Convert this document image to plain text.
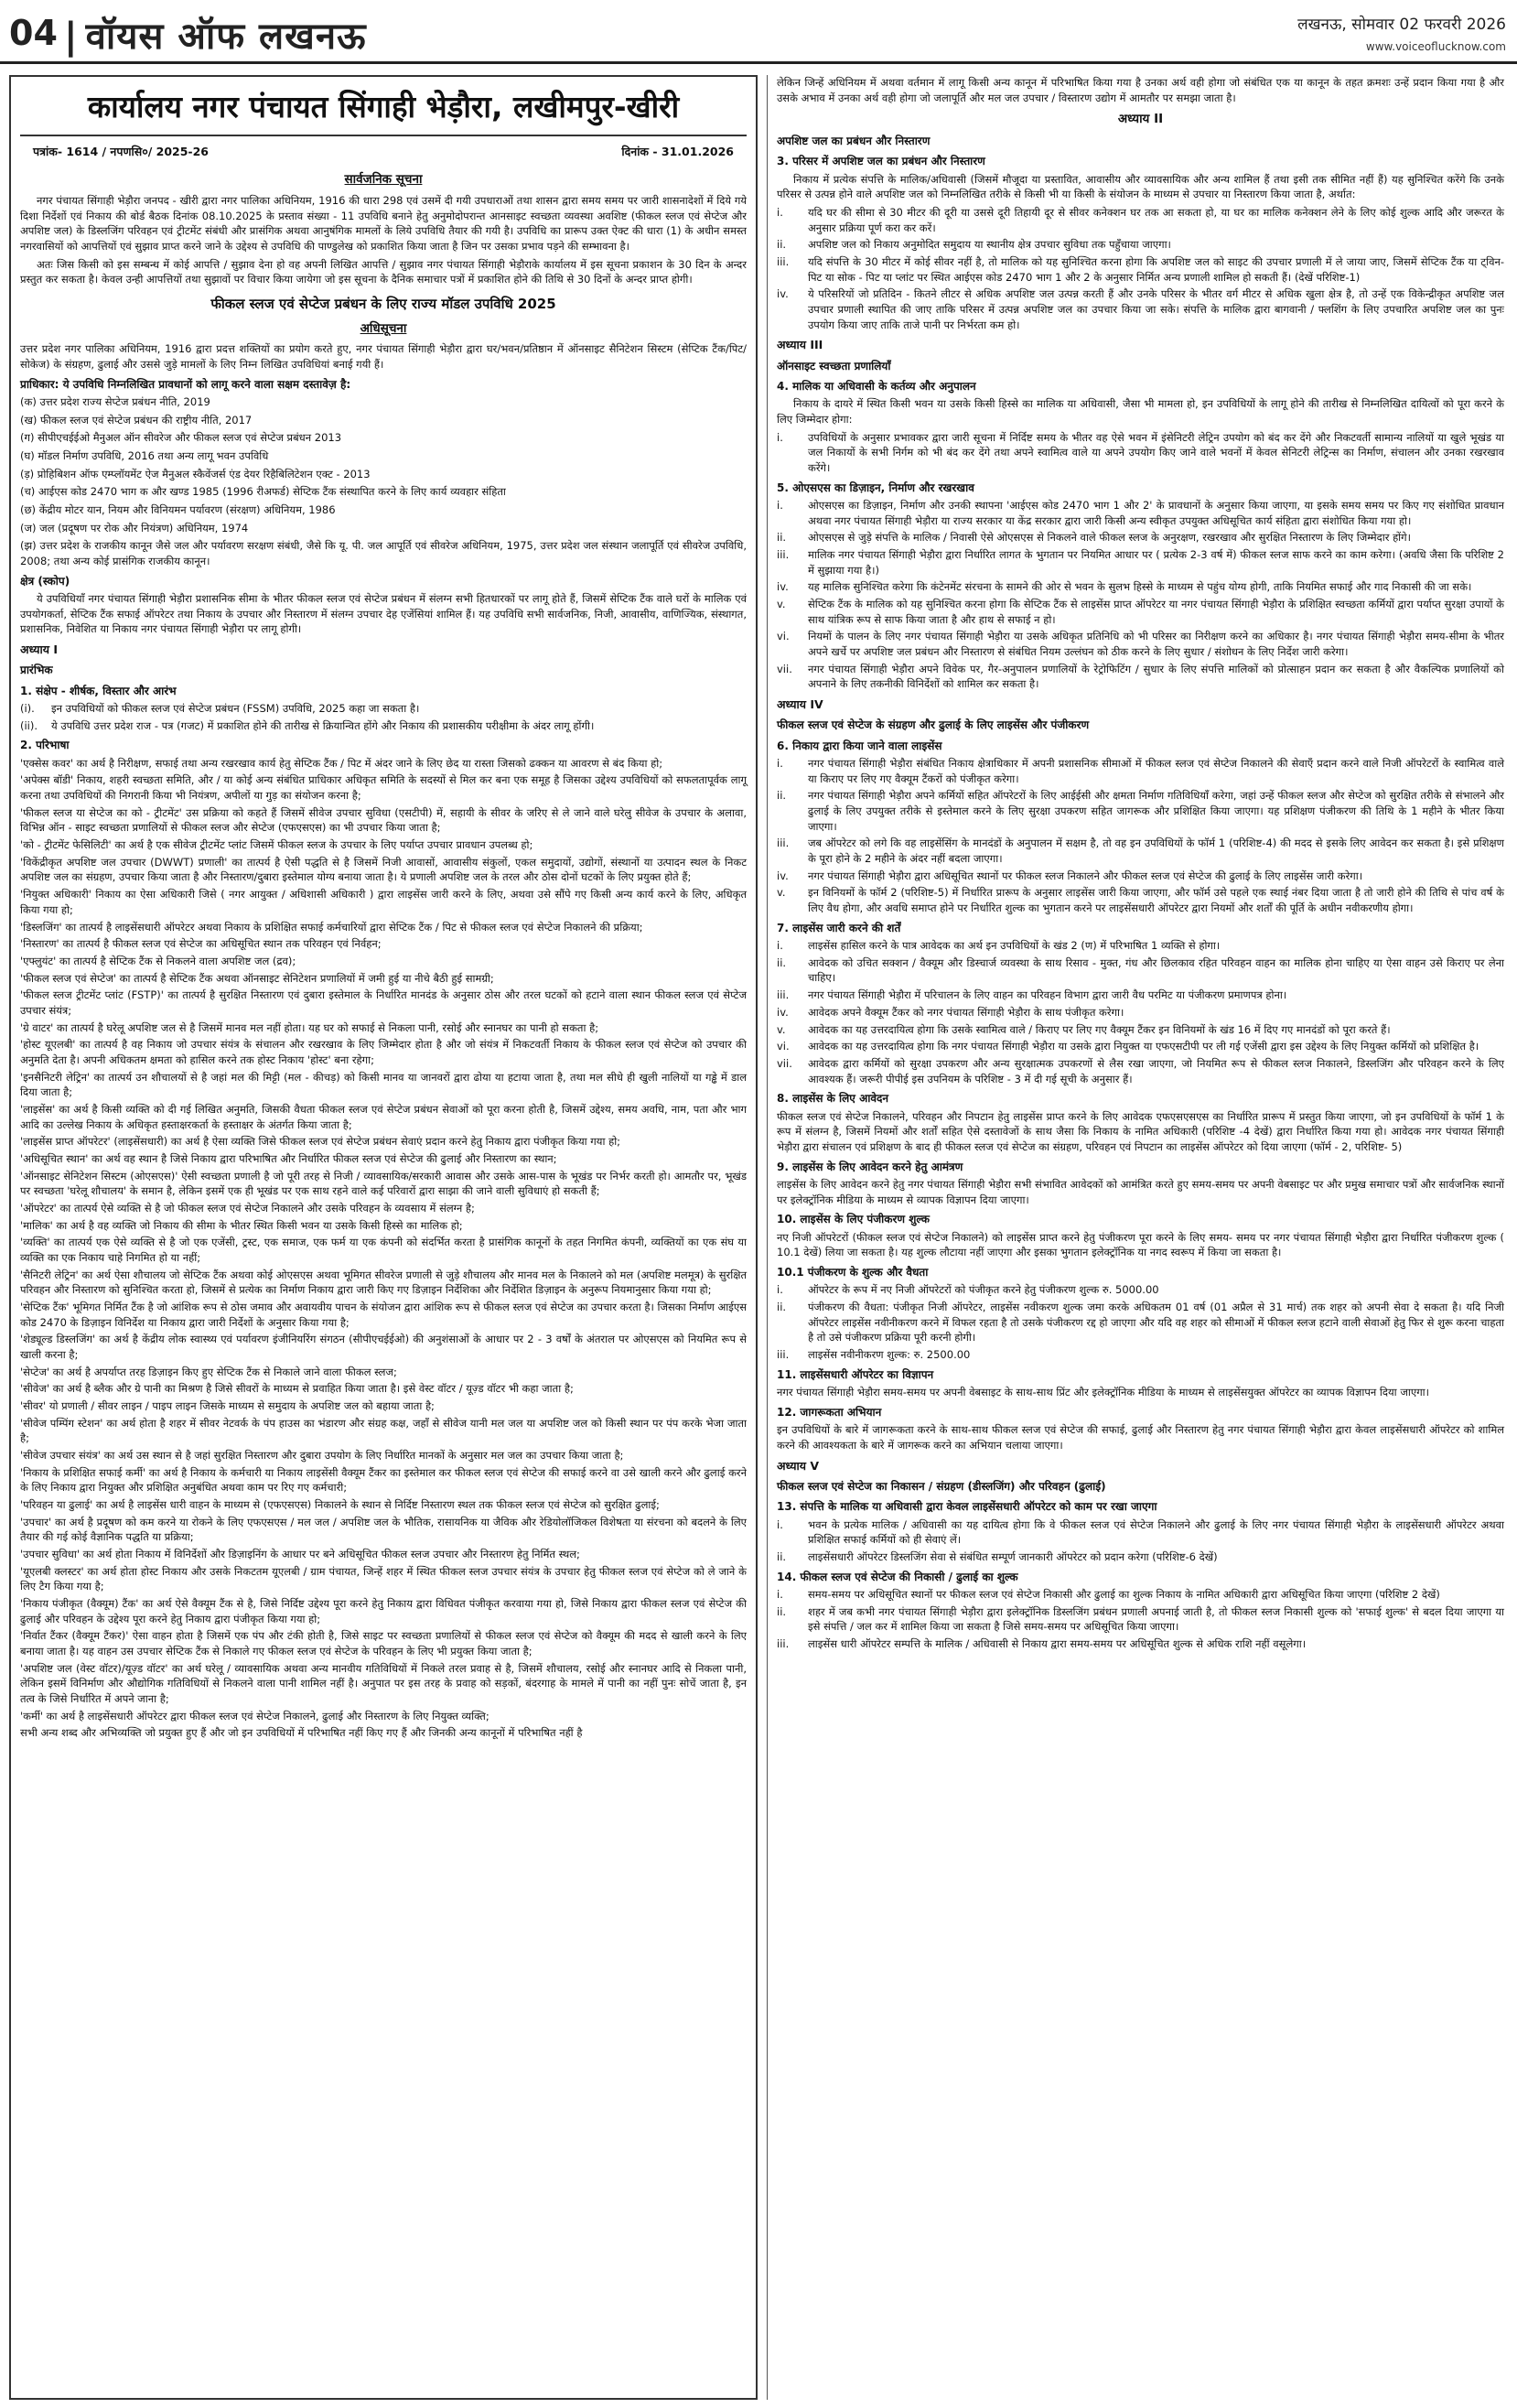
04 | वॉयस ऑफ लखनऊ	लखनऊ, सोमवार 02 फरवरी 2026
www.voiceoflucknow.com
कार्यालय नगर पंचायत सिंगाही भेड़ौरा, लखीमपुर-खीरी
पत्रांक- 1614 / नपणसि०/ 2025-26	दिनांक - 31.01.2026
सार्वजनिक सूचना

नगर पंचायत सिंगाही भेड़ौरा जनपद - खीरी द्वारा नगर पालिका अधिनियम, 1916 की धारा 298 एवं उसमें दी गयी उपधाराओं तथा शासन द्वारा समय समय पर जारी शासनादेशों में दिये गये दिशा निर्देशों एवं निकाय की बोर्ड बैठक दिनांक 08.10.2025 के प्रस्ताव संख्या - 11 उपविधि बनाने हेतु अनुमोदोपरान्त आनसाइट स्वच्छता व्यवस्था अवशिष्ट (फीकल स्लज एवं सेप्टेज और अपशिष्ट जल) के डिस्लजिंग परिवहन एवं ट्रीटमेंट संबंधी और प्रासंगिक अथवा आनुषंगिक मामलों के लिये उपविधि तैयार की गयी है। उपविधि का प्रारूप उक्त ऐक्ट की धारा (1) के अधीन समस्त नगरवासियों को आपत्तियों एवं सुझाव प्राप्त करने जाने के उद्देश्य से उपविधि की पाण्डुलेख को प्रकाशित किया जाता है जिन पर उसका प्रभाव पड़ने की सम्भावना है।

अतः जिस किसी को इस सम्बन्ध में कोई आपत्ति / सुझाव देना हो वह अपनी लिखित आपत्ति / सुझाव नगर पंचायत सिंगाही भेड़ौराके कार्यालय में इस सूचना प्रकाशन के 30 दिन के अन्दर प्रस्तुत कर सकता है। केवल उन्ही आपत्तियों तथा सुझावों पर विचार किया जायेगा जो इस सूचना के दैनिक समाचार पत्रों में प्रकाशित होने की तिथि से 30 दिनों के अन्दर प्राप्त होगी।

फीकल स्लज एवं सेप्टेज प्रबंधन के लिए राज्य मॉडल उपविधि 2025
अधिसूचना

उत्तर प्रदेश नगर पालिका अधिनियम, 1916 द्वारा प्रदत्त शक्तियों का प्रयोग करते हुए, नगर पंचायत सिंगाही भेड़ौरा द्वारा घर/भवन/प्रतिष्ठान में ऑनसाइट सैनिटेशन सिस्टम (सेप्टिक टैंक/पिट/सोकेज) के संग्रहण, ढुलाई और उससे जुड़े मामलों के लिए निम्न लिखित उपविधियां बनाई गयी हैं।

प्राधिकार: ये उपविधि निम्नलिखित प्रावधानों को लागू करने वाला सक्षम दस्तावेज़ है:

(क) उत्तर प्रदेश राज्य सेप्टेज प्रबंधन नीति, 2019

(ख) फीकल स्लज एवं सेप्टेज प्रबंधन की राष्ट्रीय नीति, 2017

(ग) सीपीएचईईओ मैनुअल ऑन सीवरेज और फीकल स्लज एवं सेप्टेज प्रबंधन 2013

(घ) मॉडल निर्माण उपविधि, 2016 तथा अन्य लागू भवन उपविधि

(ड़) प्रोहिबिशन ऑफ एम्प्लॉयमेंट ऐज मैनुअल स्कैवेंजर्स एंड देयर रिहैबिलिटेशन एक्ट - 2013

(च) आईएस कोड 2470 भाग क और खण्ड 1985 (1996 रीअफर्ड) सेप्टिक टैंक संस्थापित करने के लिए कार्य व्यवहार संहिता

(छ) केंद्रीय मोटर यान, नियम और विनियमन पर्यावरण (संरक्षण) अधिनियम, 1986

(ज) जल (प्रदूषण पर रोक और नियंत्रण) अधिनियम, 1974

(झ) उत्तर प्रदेश के राजकीय कानून जैसे जल और पर्यावरण सरक्षण संबंधी, जैसे कि यू. पी. जल आपूर्ति एवं सीवरेज अधिनियम, 1975, उत्तर प्रदेश जल संस्थान जलापूर्ति एवं सीवरेज उपविधि, 2008; तथा अन्य कोई प्रासंगिक राजकीय कानून।

क्षेत्र (स्कोप)

ये उपविधियाँ नगर पंचायत सिंगाही भेड़ौरा प्रशासनिक सीमा के भीतर फीकल स्लज एवं सेप्टेज प्रबंधन में संलग्न सभी हितधारकों पर लागू होते हैं, जिसमें सेप्टिक टैंक वाले घरों के मालिक एवं उपयोगकर्ता, सेप्टिक टैंक सफाई ऑपरेटर तथा निकाय के उपचार और निस्तारण में संलग्न उपचार देह एजेंसियां शामिल हैं। यह उपविधि सभी सार्वजनिक, निजी, आवासीय, वाणिज्यिक, संस्थागत, प्रशासनिक, निवेशित या निकाय नगर पंचायत सिंगाही भेड़ौरा पर लागू होगी।

अध्याय I
प्रारंभिक
1. संक्षेप - शीर्षक, विस्तार और आरंभ
(i).	इन उपविधियों को फीकल स्लज एवं सेप्टेज प्रबंधन (FSSM) उपविधि, 2025 कहा जा सकता है।
(ii).	ये उपविधि उत्तर प्रदेश राज - पत्र (गजट) में प्रकाशित होने की तारीख से क्रियान्वित होंगे और निकाय की प्रशासकीय परीक्षीमा के अंदर लागू होंगी।
2. परिभाषा

'एक्सेस कवर' का अर्थ है निरीक्षण, सफाई तथा अन्य रखरखाव कार्य हेतु सेप्टिक टैंक / पिट में अंदर जाने के लिए छेद या रास्ता जिसको ढक्कन या आवरण से बंद किया हो;

'अपेक्स बॉडी' निकाय, शहरी स्वच्छता समिति, और / या कोई अन्य संबंधित प्राधिकार अधिकृत समिति के सदस्यों से मिल कर बना एक समूह है जिसका उद्देश्य उपविधियों को सफलतापूर्वक लागू करना तथा उपविधियों की निगरानी किया भी नियंत्रण, अपीलों या गुड़ का संयोजन करना है;

'फीकल स्लज या सेप्टेज का को - ट्रीटमेंट' उस प्रक्रिया को कहते हैं जिसमें सीवेज उपचार सुविधा (एसटीपी) में, सहायी के सीवर के जरिए से ले जाने वाले घरेलु सीवेज के उपचार के अलावा, विभिन्न ऑन - साइट स्वच्छता प्रणालियों से फीकल स्लज और सेप्टेज (एफएसएस) का भी उपचार किया जाता है;

'को - ट्रीटमेंट फेसिलिटी' का अर्थ है एक सीवेज ट्रीटमेंट प्लांट जिसमें फीकल स्लज के उपचार के लिए पर्याप्त उपचार प्रावधान उपलब्ध हो;

'विकेंद्रीकृत अपशिष्ट जल उपचार (DWWT) प्रणाली' का तात्पर्य है ऐसी पद्धति से है जिसमें निजी आवासों, आवासीय संकुलों, एकल समुदायों, उद्योगों, संस्थानों या उत्पादन स्थल के निकट अपशिष्ट जल का संग्रहण, उपचार किया जाता है और निस्तारण/दुबारा इस्तेमाल योग्य बनाया जाता है। ये प्रणाली अपशिष्ट जल के तरल और ठोस दोनों घटकों के लिए प्रयुक्त होते हैं;

'नियुक्त अधिकारी' निकाय का ऐसा अधिकारी जिसे ( नगर आयुक्त / अधिशासी अधिकारी ) द्वारा लाइसेंस जारी करने के लिए, अथवा उसे सौंपे गए किसी अन्य कार्य करने के लिए, अधिकृत किया गया हो;

'डिस्लजिंग' का तात्पर्य है लाइसेंसधारी ऑपरेटर अथवा निकाय के प्रशिक्षित सफाई कर्मचारियों द्वारा सेप्टिक टैंक / पिट से फीकल स्लज एवं सेप्टेज निकालने की प्रक्रिया;

'निस्तारण' का तात्पर्य है फीकल स्लज एवं सेप्टेज का अधिसूचित स्थान तक परिवहन एवं निर्वहन;

'एफ्लुयंट' का तात्पर्य है सेप्टिक टैंक से निकलने वाला अपशिष्ट जल (द्रव);

'फीकल स्लज एवं सेप्टेज' का तात्पर्य है सेप्टिक टैंक अथवा ऑनसाइट सेनिटेशन प्रणालियों में जमी हुई या नीचे बैठी हुई सामग्री;

'फीकल स्लज ट्रीटमेंट प्लांट (FSTP)' का तात्पर्य है सुरक्षित निस्तारण एवं दुबारा इस्तेमाल के निर्धारित मानदंड के अनुसार ठोस और तरल घटकों को हटाने वाला स्थान फीकल स्लज एवं सेप्टेज उपचार संयंत्र;

'ग्रे वाटर' का तात्पर्य है घरेलू अपशिष्ट जल से है जिसमें मानव मल नहीं होता। यह घर को सफाई से निकला पानी, रसोई और स्नानघर का पानी हो सकता है;

'होस्ट यूएलबी' का तात्पर्य है वह निकाय जो उपचार संयंत्र के संचालन और रखरखाव के लिए जिम्मेदार होता है और जो संयंत्र में निकटवर्ती निकाय के फीकल स्लज एवं सेप्टेज को उपचार की अनुमति देता है। अपनी अधिकतम क्षमता को हासिल करने तक होस्ट निकाय 'होस्ट' बना रहेगा;

'इनसैनिटरी लेट्रिन' का तात्पर्य उन शौचालयों से है जहां मल की मिट्टी (मल - कीचड़) को किसी मानव या जानवरों द्वारा ढोया या हटाया जाता है, तथा मल सीधे ही खुली नालियों या गड्ढे में डाल दिया जाता है;

'लाइसेंस' का अर्थ है किसी व्यक्ति को दी गई लिखित अनुमति, जिसकी वैधता फीकल स्लज एवं सेप्टेज प्रबंधन सेवाओं को पूरा करना होती है, जिसमें उद्देश्य, समय अवधि, नाम, पता और भाग आदि का उल्लेख निकाय के अधिकृत हस्ताक्षरकर्ता के हस्ताक्षर के अंतर्गत किया जाता है;

'लाइसेंस प्राप्त ऑपरेटर' (लाइसेंसधारी) का अर्थ है ऐसा व्यक्ति जिसे फीकल स्लज एवं सेप्टेज प्रबंधन सेवाएं प्रदान करने हेतु निकाय द्वारा पंजीकृत किया गया हो;

'अधिसूचित स्थान' का अर्थ वह स्थान है जिसे निकाय द्वारा परिभाषित और निर्धारित फीकल स्लज एवं सेप्टेज की ढुलाई और निस्तारण का स्थान;

'ऑनसाइट सेनिटेशन सिस्टम (ओएसएस)' ऐसी स्वच्छता प्रणाली है जो पूरी तरह से निजी / व्यावसायिक/सरकारी आवास और उसके आस-पास के भूखंड पर निर्भर करती हो। आमतौर पर, भूखंड पर स्वच्छता 'घरेलू शौचालय' के समान है, लेकिन इसमें एक ही भूखंड पर एक साथ रहने वाले कई परिवारों द्वारा साझा की जाने वाली सुविधाएं हो सकती हैं;

'ऑपरेटर' का तात्पर्य ऐसे व्यक्ति से है जो फीकल स्लज एवं सेप्टेज निकालने और उसके परिवहन के व्यवसाय में संलग्न है;

'मालिक' का अर्थ है वह व्यक्ति जो निकाय की सीमा के भीतर स्थित किसी भवन या उसके किसी हिस्से का मालिक हो;

'व्यक्ति' का तात्पर्य एक ऐसे व्यक्ति से है जो एक एजेंसी, ट्रस्ट, एक समाज, एक फर्म या एक कंपनी को संदर्भित करता है प्रासंगिक कानूनों के तहत निगमित कंपनी, व्यक्तियों का एक संघ या व्यक्ति का एक निकाय चाहे निगमित हो या नहीं;

'सैनिटरी लेट्रिन' का अर्थ ऐसा शौचालय जो सेप्टिक टैंक अथवा कोई ओएसएस अथवा भूमिगत सीवरेज प्रणाली से जुड़े शौचालय और मानव मल के निकालने को मल (अपशिष्ट मलमूत्र) के सुरक्षित परिवहन और निस्तारण को सुनिश्चित करता हो, जिसमें से प्रत्येक का निर्माण निकाय द्वारा जारी किए गए डिज़ाइन निर्देशिका और निर्देशित डिज़ाइन के अनुरूप नियमानुसार किया गया हो;

'सेप्टिक टैंक' भूमिगत निर्मित टैंक है जो आंशिक रूप से ठोस जमाव और अवायवीय पाचन के संयोजन द्वारा आंशिक रूप से फीकल स्लज एवं सेप्टेज का उपचार करता है। जिसका निर्माण आईएस कोड 2470 के डिज़ाइन विनिर्देश या निकाय द्वारा जारी निर्देशों के अनुसार किया गया है;

'शेड्यूल्ड डिस्लजिंग' का अर्थ है केंद्रीय लोक स्वास्थ्य एवं पर्यावरण इंजीनियरिंग संगठन (सीपीएचईईओ) की अनुशंसाओं के आधार पर 2 - 3 वर्षों के अंतराल पर ओएसएस को नियमित रूप से खाली करना है;

'सेप्टेज' का अर्थ है अपर्याप्त तरह डिज़ाइन किए हुए सेप्टिक टैंक से निकाले जाने वाला फीकल स्लज;

'सीवेज' का अर्थ है ब्लैक और ग्रे पानी का मिश्रण है जिसे सीवरों के माध्यम से प्रवाहित किया जाता है। इसे वेस्ट वॉटर / यूज़्ड वॉटर भी कहा जाता है;

'सीवर' यो प्रणाली / सीवर लाइन / पाइप लाइन जिसके माध्यम से समुदाय के अपशिष्ट जल को बहाया जाता है;

'सीवेज पम्पिंग स्टेशन' का अर्थ होता है शहर में सीवर नेटवर्क के पंप हाउस का भंडारण और संग्रह कक्ष, जहाँ से सीवेज यानी मल जल या अपशिष्ट जल को किसी स्थान पर पंप करके भेजा जाता है;

'सीवेज उपचार संयंत्र' का अर्थ उस स्थान से है जहां सुरक्षित निस्तारण और दुबारा उपयोग के लिए निर्धारित मानकों के अनुसार मल जल का उपचार किया जाता है;

'निकाय के प्रशिक्षित सफाई कर्मी' का अर्थ है निकाय के कर्मचारी या निकाय लाइसेंसी वैक्यूम टैंकर का इस्तेमाल कर फीकल स्लज एवं सेप्टेज की सफाई करने वा उसे खाली करने और ढुलाई करने के लिए निकाय द्वारा नियुक्त और प्रशिक्षित अनुबंधित अथवा काम पर रिए गए कर्मचारी;

'परिवहन या ढुलाई' का अर्थ है लाइसेंस धारी वाहन के माध्यम से (एफएसएस) निकालने के स्थान से निर्दिष्ट निस्तारण स्थल तक फीकल स्लज एवं सेप्टेज को सुरक्षित ढुलाई;

'उपचार' का अर्थ है प्रदूषण को कम करने या रोकने के लिए एफएसएस / मल जल / अपशिष्ट जल के भौतिक, रासायनिक या जैविक और रेडियोलॉजिकल विशेषता या संरचना को बदलने के लिए तैयार की गई कोई वैज्ञानिक पद्धति या प्रक्रिया;

'उपचार सुविधा' का अर्थ होता निकाय में विनिर्देशों और डिज़ाइनिंग के आधार पर बने अधिसूचित फीकल स्लज उपचार और निस्तारण हेतु निर्मित स्थल;

'यूएलबी क्लस्टर' का अर्थ होता होस्ट निकाय और उसके निकटतम यूएलबी / ग्राम पंचायत, जिन्हें शहर में स्थित फीकल स्लज उपचार संयंत्र के उपचार हेतु फीकल स्लज एवं सेप्टेज को ले जाने के लिए टैग किया गया है;

'निकाय पंजीकृत (वैक्यूम) टैंक' का अर्थ ऐसे वैक्यूम टैंक से है, जिसे निर्दिष्ट उद्देश्य पूरा करने हेतु निकाय द्वारा विधिवत पंजीकृत करवाया गया हो, जिसे निकाय द्वारा फीकल स्लज एवं सेप्टेज की ढुलाई और परिवहन के उद्देश्य पूरा करने हेतु निकाय द्वारा पंजीकृत किया गया हो;

'निर्वात टैंकर (वैक्यूम टैंकर)' ऐसा वाहन होता है जिसमें एक पंप और टंकी होती है, जिसे साइट पर स्वच्छता प्रणालियों से फीकल स्लज एवं सेप्टेज को वैक्यूम की मदद से खाली करने के लिए बनाया जाता है। यह वाहन उस उपचार सेप्टिक टैंक से निकाले गए फीकल स्लज एवं सेप्टेज के परिवहन के लिए भी प्रयुक्त किया जाता है;

'अपशिष्ट जल (वेस्ट वॉटर)/यूज़्ड वॉटर' का अर्थ घरेलू / व्यावसायिक अथवा अन्य मानवीय गतिविधियों में निकले तरल प्रवाह से है, जिसमें शौचालय, रसोई और स्नानघर आदि से निकला पानी, लेकिन इसमें विनिर्माण और औद्योगिक गतिविधियों से निकलने वाला पानी शामिल नहीं है। अनुपात पर इस तरह के प्रवाह को सड़कों, बंदरगाह के मामले में पानी का नहीं पुनः सोचें जाता है, इन तत्व के जिसे निर्धारित में अपने जाना है;

'कर्मी' का अर्थ है लाइसेंसधारी ऑपरेटर द्वारा फीकल स्लज एवं सेप्टेज निकालने, ढुलाई और निस्तारण के लिए नियुक्त व्यक्ति;

सभी अन्य शब्द और अभिव्यक्ति जो प्रयुक्त हुए हैं और जो इन उपविधियों में परिभाषित नहीं किए गए हैं और जिनकी अन्य कानूनों में परिभाषित नहीं है

लेकिन जिन्हें अधिनियम में अथवा वर्तमान में लागू किसी अन्य कानून में परिभाषित किया गया है उनका अर्थ वही होगा जो संबंधित एक या कानून के तहत क्रमशः उन्हें प्रदान किया गया है और उसके अभाव में उनका अर्थ वही होगा जो जलापूर्ति और मल जल उपचार / विस्तारण उद्योग में आमतौर पर समझा जाता है।

अध्याय II
अपशिष्ट जल का प्रबंधन और निस्तारण
3. परिसर में अपशिष्ट जल का प्रबंधन और निस्तारण

निकाय में प्रत्येक संपत्ति के मालिक/अधिवासी (जिसमें मौजूदा या प्रस्तावित, आवासीय और व्यावसायिक और अन्य शामिल हैं तथा इसी तक सीमित नहीं हैं) यह सुनिश्चित करेंगे कि उनके परिसर से उत्पन्न होने वाले अपशिष्ट जल को निम्नलिखित तरीके से किसी भी या किसी के संयोजन के माध्यम से उपचार या निस्तारण किया जाता है, अर्थात:

i.	यदि घर की सीमा से 30 मीटर की दूरी या उससे दूरी तिहायी दूर से सीवर कनेक्शन घर तक आ सकता हो, या घर का मालिक कनेक्शन लेने के लिए कोई शुल्क आदि और जरूरत के अनुसार प्रक्रिया पूर्ण करा कर करें।
ii.	अपशिष्ट जल को निकाय अनुमोदित समुदाय या स्थानीय क्षेत्र उपचार सुविधा तक पहुँचाया जाएगा।
iii.	यदि संपत्ति के 30 मीटर में कोई सीवर नहीं है, तो मालिक को यह सुनिश्चित करना होगा कि अपशिष्ट जल को साइट की उपचार प्रणाली में ले जाया जाए, जिसमें सेप्टिक टैंक या ट्विन-पिट या सोक - पिट या प्लांट पर स्थित आईएस कोड 2470 भाग 1 और 2 के अनुसार निर्मित अन्य प्रणाली शामिल हो सकती हैं। (देखें परिशिष्ट-1)
iv.	ये परिसरियों जो प्रतिदिन - कितने लीटर से अधिक अपशिष्ट जल उत्पन्न करती हैं और उनके परिसर के भीतर वर्ग मीटर से अधिक खुला क्षेत्र है, तो उन्हें एक विकेन्द्रीकृत अपशिष्ट जल उपचार प्रणाली स्थापित की जाए ताकि परिसर में उत्पन्न अपशिष्ट जल का उपचार किया जा सके। संपत्ति के मालिक द्वारा बागवानी / फ्लशिंग के लिए उपचारित अपशिष्ट जल का पुनः उपयोग किया जाए ताकि ताजे पानी पर निर्भरता कम हो।
अध्याय III
ऑनसाइट स्वच्छता प्रणालियाँ
4. मालिक या अधिवासी के कर्तव्य और अनुपालन

निकाय के दायरे में स्थित किसी भवन या उसके किसी हिस्से का मालिक या अधिवासी, जैसा भी मामला हो, इन उपविधियों के लागू होने की तारीख से निम्नलिखित दायित्वों को पूरा करने के लिए जिम्मेदार होगा:

i.	उपविधियों के अनुसार प्रभावकर द्वारा जारी सूचना में निर्दिष्ट समय के भीतर वह ऐसे भवन में इंसेनिटरी लेट्रिन उपयोग को बंद कर देंगे और निकटवर्ती सामान्य नालियों या खुले भूखंड या जल निकायों के सभी निर्गम को भी बंद कर देंगे तथा अपने स्वामित्व वाले या अपने उपयोग किए जाने वाले भवनों में केवल सेनिटरी लेट्रिन्स का निर्माण, संचालन और उनका रखरखाव करेंगे।
5. ओएसएस का डिज़ाइन, निर्माण और रखरखाव
i.	ओएसएस का डिज़ाइन, निर्माण और उनकी स्थापना 'आईएस कोड 2470 भाग 1 और 2' के प्रावधानों के अनुसार किया जाएगा, या इसके समय समय पर किए गए संशोधित प्रावधान अथवा नगर पंचायत सिंगाही भेड़ौरा या राज्य सरकार या केंद्र सरकार द्वारा जारी किसी अन्य स्वीकृत उपयुक्त अधिसूचित कार्य संहिता द्वारा संशोधित किया गया हो।
ii.	ओएसएस से जुड़े संपत्ति के मालिक / निवासी ऐसे ओएसएस से निकलने वाले फीकल स्लज के अनुरक्षण, रखरखाव और सुरक्षित निस्तारण के लिए जिम्मेदार होंगे।
iii.	मालिक नगर पंचायत सिंगाही भेड़ौरा द्वारा निर्धारित लागत के भुगतान पर नियमित आधार पर ( प्रत्येक 2-3 वर्ष में) फीकल स्लज साफ करने का काम करेगा। (अवधि जैसा कि परिशिष्ट 2 में सुझाया गया है।)
iv.	यह मालिक सुनिश्चित करेगा कि कंटेनमेंट संरचना के सामने की ओर से भवन के सुलभ हिस्से के माध्यम से पहुंच योग्य होगी, ताकि नियमित सफाई और गाद निकासी की जा सके।
v.	सेप्टिक टैंक के मालिक को यह सुनिश्चित करना होगा कि सेप्टिक टैंक से लाइसेंस प्राप्त ऑपरेटर या नगर पंचायत सिंगाही भेड़ौरा के प्रशिक्षित स्वच्छता कर्मियों द्वारा पर्याप्त सुरक्षा उपायों के साथ यांत्रिक रूप से साफ किया जाता है और हाथ से सफाई न हो।
vi.	नियमों के पालन के लिए नगर पंचायत सिंगाही भेड़ौरा या उसके अधिकृत प्रतिनिधि को भी परिसर का निरीक्षण करने का अधिकार है। नगर पंचायत सिंगाही भेड़ौरा समय-सीमा के भीतर अपने खर्चे पर अपशिष्ट जल प्रबंधन और निस्तारण से संबंधित नियम उल्लंघन को ठीक करने के लिए सुधार / संशोधन के लिए निर्देश जारी करेगा।
vii.	नगर पंचायत सिंगाही भेड़ौरा अपने विवेक पर, गैर-अनुपालन प्रणालियों के रेट्रोफिटिंग / सुधार के लिए संपत्ति मालिकों को प्रोत्साहन प्रदान कर सकता है और वैकल्पिक प्रणालियों को अपनाने के लिए तकनीकी विनिर्देशों को शामिल कर सकता है।
अध्याय IV
फीकल स्लज एवं सेप्टेज के संग्रहण और ढुलाई के लिए लाइसेंस और पंजीकरण
6. निकाय द्वारा किया जाने वाला लाइसेंस
i.	नगर पंचायत सिंगाही भेड़ौरा संबंधित निकाय क्षेत्राधिकार में अपनी प्रशासनिक सीमाओं में फीकल स्लज एवं सेप्टेज निकालने की सेवाएँ प्रदान करने वाले निजी ऑपरेटरों के स्वामित्व वाले या किराए पर लिए गए वैक्यूम टैंकरों को पंजीकृत करेगा।
ii.	नगर पंचायत सिंगाही भेड़ौरा अपने कर्मियों सहित ऑपरेटरों के लिए आईईसी और क्षमता निर्माण गतिविधियाँ करेगा, जहां उन्हें फीकल स्लज और सेप्टेज को सुरक्षित तरीके से संभालने और ढुलाई के लिए उपयुक्त तरीके से इस्तेमाल करने के लिए सुरक्षा उपकरण सहित जागरूक और प्रशिक्षित किया जाएगा। यह प्रशिक्षण पंजीकरण की तिथि के 1 महीने के भीतर किया जाएगा।
iii.	जब ऑपरेटर को लगे कि वह लाइसेंसिंग के मानदंडों के अनुपालन में सक्षम है, तो वह इन उपविधियों के फॉर्म 1 (परिशिष्ट-4) की मदद से इसके लिए आवेदन कर सकता है। इसे प्रशिक्षण के पूरा होने के 2 महीने के अंदर नहीं बदला जाएगा।
iv.	नगर पंचायत सिंगाही भेड़ौरा द्वारा अधिसूचित स्थानों पर फीकल स्लज निकालने और फीकल स्लज एवं सेप्टेज की ढुलाई के लिए लाइसेंस जारी करेगा।
v.	इन विनियमों के फॉर्म 2 (परिशिष्ट-5) में निर्धारित प्रारूप के अनुसार लाइसेंस जारी किया जाएगा, और फॉर्म उसे पहले एक स्थाई नंबर दिया जाता है तो जारी होने की तिथि से पांच वर्ष के लिए वैध होगा, और अवधि समाप्त होने पर निर्धारित शुल्क का भुगतान करने पर लाइसेंसधारी ऑपरेटर द्वारा नियमों और शर्तों की पूर्ति के अधीन नवीकरणीय होगा।
7. लाइसेंस जारी करने की शर्तें
i.	लाइसेंस हासिल करने के पात्र आवेदक का अर्थ इन उपविधियों के खंड 2 (ण) में परिभाषित 1 व्यक्ति से होगा।
ii.	आवेदक को उचित सक्शन / वैक्यूम और डिस्चार्ज व्यवस्था के साथ रिसाव - मुक्त, गंध और छिलकाव रहित परिवहन वाहन का मालिक होना चाहिए या ऐसा वाहन उसे किराए पर लेना चाहिए।
iii.	नगर पंचायत सिंगाही भेड़ौरा में परिचालन के लिए वाहन का परिवहन विभाग द्वारा जारी वैध परमिट या पंजीकरण प्रमाणपत्र होना।
iv.	आवेदक अपने वैक्यूम टैंकर को नगर पंचायत सिंगाही भेड़ौरा के साथ पंजीकृत करेगा।
v.	आवेदक का यह उत्तरदायित्व होगा कि उसके स्वामित्व वाले / किराए पर लिए गए वैक्यूम टैंकर इन विनियमों के खंड 16 में दिए गए मानदंडों को पूरा करते हैं।
vi.	आवेदक का यह उत्तरदायित्व होगा कि नगर पंचायत सिंगाही भेड़ौरा या उसके द्वारा नियुक्त या एफएसटीपी पर ली गई एजेंसी द्वारा इस उद्देश्य के लिए नियुक्त कर्मियों को प्रशिक्षित है।
vii.	आवेदक द्वारा कर्मियों को सुरक्षा उपकरण और अन्य सुरक्षात्मक उपकरणों से लैस रखा जाएगा, जो नियमित रूप से फीकल स्लज निकालने, डिस्लजिंग और परिवहन करने के लिए आवश्यक हैं। जरूरी पीपीई इस उपनियम के परिशिष्ट - 3 में दी गई सूची के अनुसार हैं।
8. लाइसेंस के लिए आवेदन

फीकल स्लज एवं सेप्टेज निकालने, परिवहन और निपटान हेतु लाइसेंस प्राप्त करने के लिए आवेदक एफएसएसएस का निर्धारित प्रारूप में प्रस्तुत किया जाएगा, जो इन उपविधियों के फॉर्म 1 के रूप में संलग्न है, जिसमें नियमों और शर्तों सहित ऐसे दस्तावेजों के साथ जैसा कि निकाय के नामित अधिकारी (परिशिष्ट -4 देखें) द्वारा निर्धारित किया गया हो। आवेदक नगर पंचायत सिंगाही भेड़ौरा द्वारा संचालन एवं प्रशिक्षण के बाद ही फीकल स्लज एवं सेप्टेज का संग्रहण, परिवहन एवं निपटान का लाइसेंस ऑपरेटर को दिया जाएगा (फॉर्म - 2, परिशिष्ट- 5)

9. लाइसेंस के लिए आवेदन करने हेतु आमंत्रण

लाइसेंस के लिए आवेदन करने हेतु नगर पंचायत सिंगाही भेड़ौरा सभी संभावित आवेदकों को आमंत्रित करते हुए समय-समय पर अपनी वेबसाइट पर और प्रमुख समाचार पत्रों और सार्वजनिक स्थानों पर इलेक्ट्रॉनिक मीडिया के माध्यम से व्यापक विज्ञापन दिया जाएगा।

10. लाइसेंस के लिए पंजीकरण शुल्क

नए निजी ऑपरेटरों (फीकल स्लज एवं सेप्टेज निकालने) को लाइसेंस प्राप्त करने हेतु पंजीकरण पूरा करने के लिए समय- समय पर नगर पंचायत सिंगाही भेड़ौरा द्वारा निर्धारित पंजीकरण शुल्क ( 10.1 देखें) लिया जा सकता है। यह शुल्क लौटाया नहीं जाएगा और इसका भुगतान इलेक्ट्रॉनिक या नगद स्वरूप में किया जा सकता है।

10.1 पंजीकरण के शुल्क और वैधता
i.	ऑपरेटर के रूप में नए निजी ऑपरेटरों को पंजीकृत करने हेतु पंजीकरण शुल्क रु. 5000.00
ii.	पंजीकरण की वैधता: पंजीकृत निजी ऑपरेटर, लाइसेंस नवीकरण शुल्क जमा करके अधिकतम 01 वर्ष (01 अप्रैल से 31 मार्च) तक शहर को अपनी सेवा दे सकता है। यदि निजी ऑपरेटर लाइसेंस नवीनीकरण करने में विफल रहता है तो उसके पंजीकरण रद्द हो जाएगा और यदि वह शहर को सीमाओं में फीकल स्लज हटाने वाली सेवाओं हेतु फिर से शुरू करना चाहता है तो उसे पंजीकरण प्रक्रिया पूरी करनी होगी।
iii.	लाइसेंस नवीनीकरण शुल्क: रु. 2500.00
11. लाइसेंसधारी ऑपरेटर का विज्ञापन

नगर पंचायत सिंगाही भेड़ौरा समय-समय पर अपनी वेबसाइट के साथ-साथ प्रिंट और इलेक्ट्रॉनिक मीडिया के माध्यम से लाइसेंसयुक्त ऑपरेटर का व्यापक विज्ञापन दिया जाएगा।

12. जागरूकता अभियान

इन उपविधियों के बारे में जागरूकता करने के साथ-साथ फीकल स्लज एवं सेप्टेज की सफाई, ढुलाई और निस्तारण हेतु नगर पंचायत सिंगाही भेड़ौरा द्वारा केवल लाइसेंसधारी ऑपरेटर को शामिल करने की आवश्यकता के बारे में जागरूक करने का अभियान चलाया जाएगा।

अध्याय V
फीकल स्लज एवं सेप्टेज का निकासन / संग्रहण (डीस्लजिंग) और परिवहन (ढुलाई)
13. संपत्ति के मालिक या अधिवासी द्वारा केवल लाइसेंसधारी ऑपरेटर को काम पर रखा जाएगा
i.	भवन के प्रत्येक मालिक / अधिवासी का यह दायित्व होगा कि वे फीकल स्लज एवं सेप्टेज निकालने और ढुलाई के लिए नगर पंचायत सिंगाही भेड़ौरा के लाइसेंसधारी ऑपरेटर अथवा प्रशिक्षित सफाई कर्मियों को ही सेवाएं लें।
ii.	लाइसेंसधारी ऑपरेटर डिस्लजिंग सेवा से संबंधित सम्पूर्ण जानकारी ऑपरेटर को प्रदान करेगा (परिशिष्ट-6 देखें)
14. फीकल स्लज एवं सेप्टेज की निकासी / ढुलाई का शुल्क
i.	समय-समय पर अधिसूचित स्थानों पर फीकल स्लज एवं सेप्टेज निकासी और ढुलाई का शुल्क निकाय के नामित अधिकारी द्वारा अधिसूचित किया जाएगा (परिशिष्ट 2 देखें)
ii.	शहर में जब कभी नगर पंचायत सिंगाही भेड़ौरा द्वारा इलेक्ट्रॉनिक डिस्लजिंग प्रबंधन प्रणाली अपनाई जाती है, तो फीकल स्लज निकासी शुल्क को 'सफाई शुल्क' से बदल दिया जाएगा या इसे संपत्ति / जल कर में शामिल किया जा सकता है जिसे समय-समय पर अधिसूचित किया जाएगा।
iii.	लाइसेंस धारी ऑपरेटर सम्पत्ति के मालिक / अधिवासी से निकाय द्वारा समय-समय पर अधिसूचित शुल्क से अधिक राशि नहीं वसूलेगा।
